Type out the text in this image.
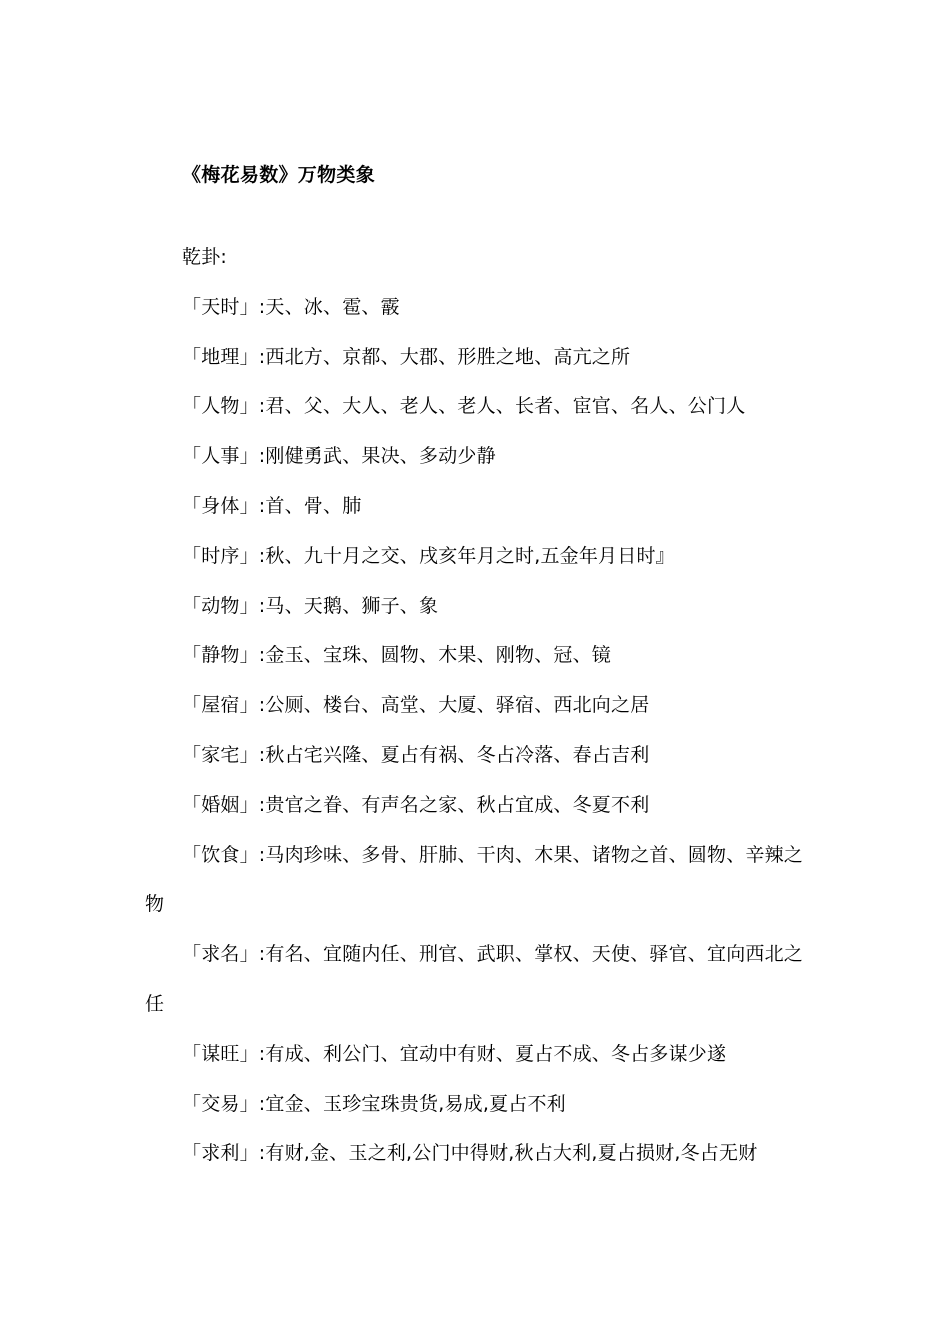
《梅花易数》万物类象

乾卦:

「天时」:天、冰、雹、霰

「地理」:西北方、京都、大郡、形胜之地、高亢之所

「人物」:君、父、大人、老人、老人、长者、宦官、名人、公门人

「人事」:刚健勇武、果决、多动少静

「身体」:首、骨、肺

「时序」:秋、九十月之交、戌亥年月之时,五金年月日时』

「动物」:马、天鹅、狮子、象

「静物」:金玉、宝珠、圆物、木果、刚物、冠、镜

「屋宿」:公厕、楼台、高堂、大厦、驿宿、西北向之居

「家宅」:秋占宅兴隆、夏占有祸、冬占冷落、春占吉利

「婚姻」:贵官之眷、有声名之家、秋占宜成、冬夏不利

「饮食」:马肉珍味、多骨、肝肺、干肉、木果、诸物之首、圆物、辛辣之物

「求名」:有名、宜随内任、刑官、武职、掌权、天使、驿官、宜向西北之任

「谋旺」:有成、利公门、宜动中有财、夏占不成、冬占多谋少遂

「交易」:宜金、玉珍宝珠贵货,易成,夏占不利

「求利」:有财,金、玉之利,公门中得财,秋占大利,夏占损财,冬占无财
